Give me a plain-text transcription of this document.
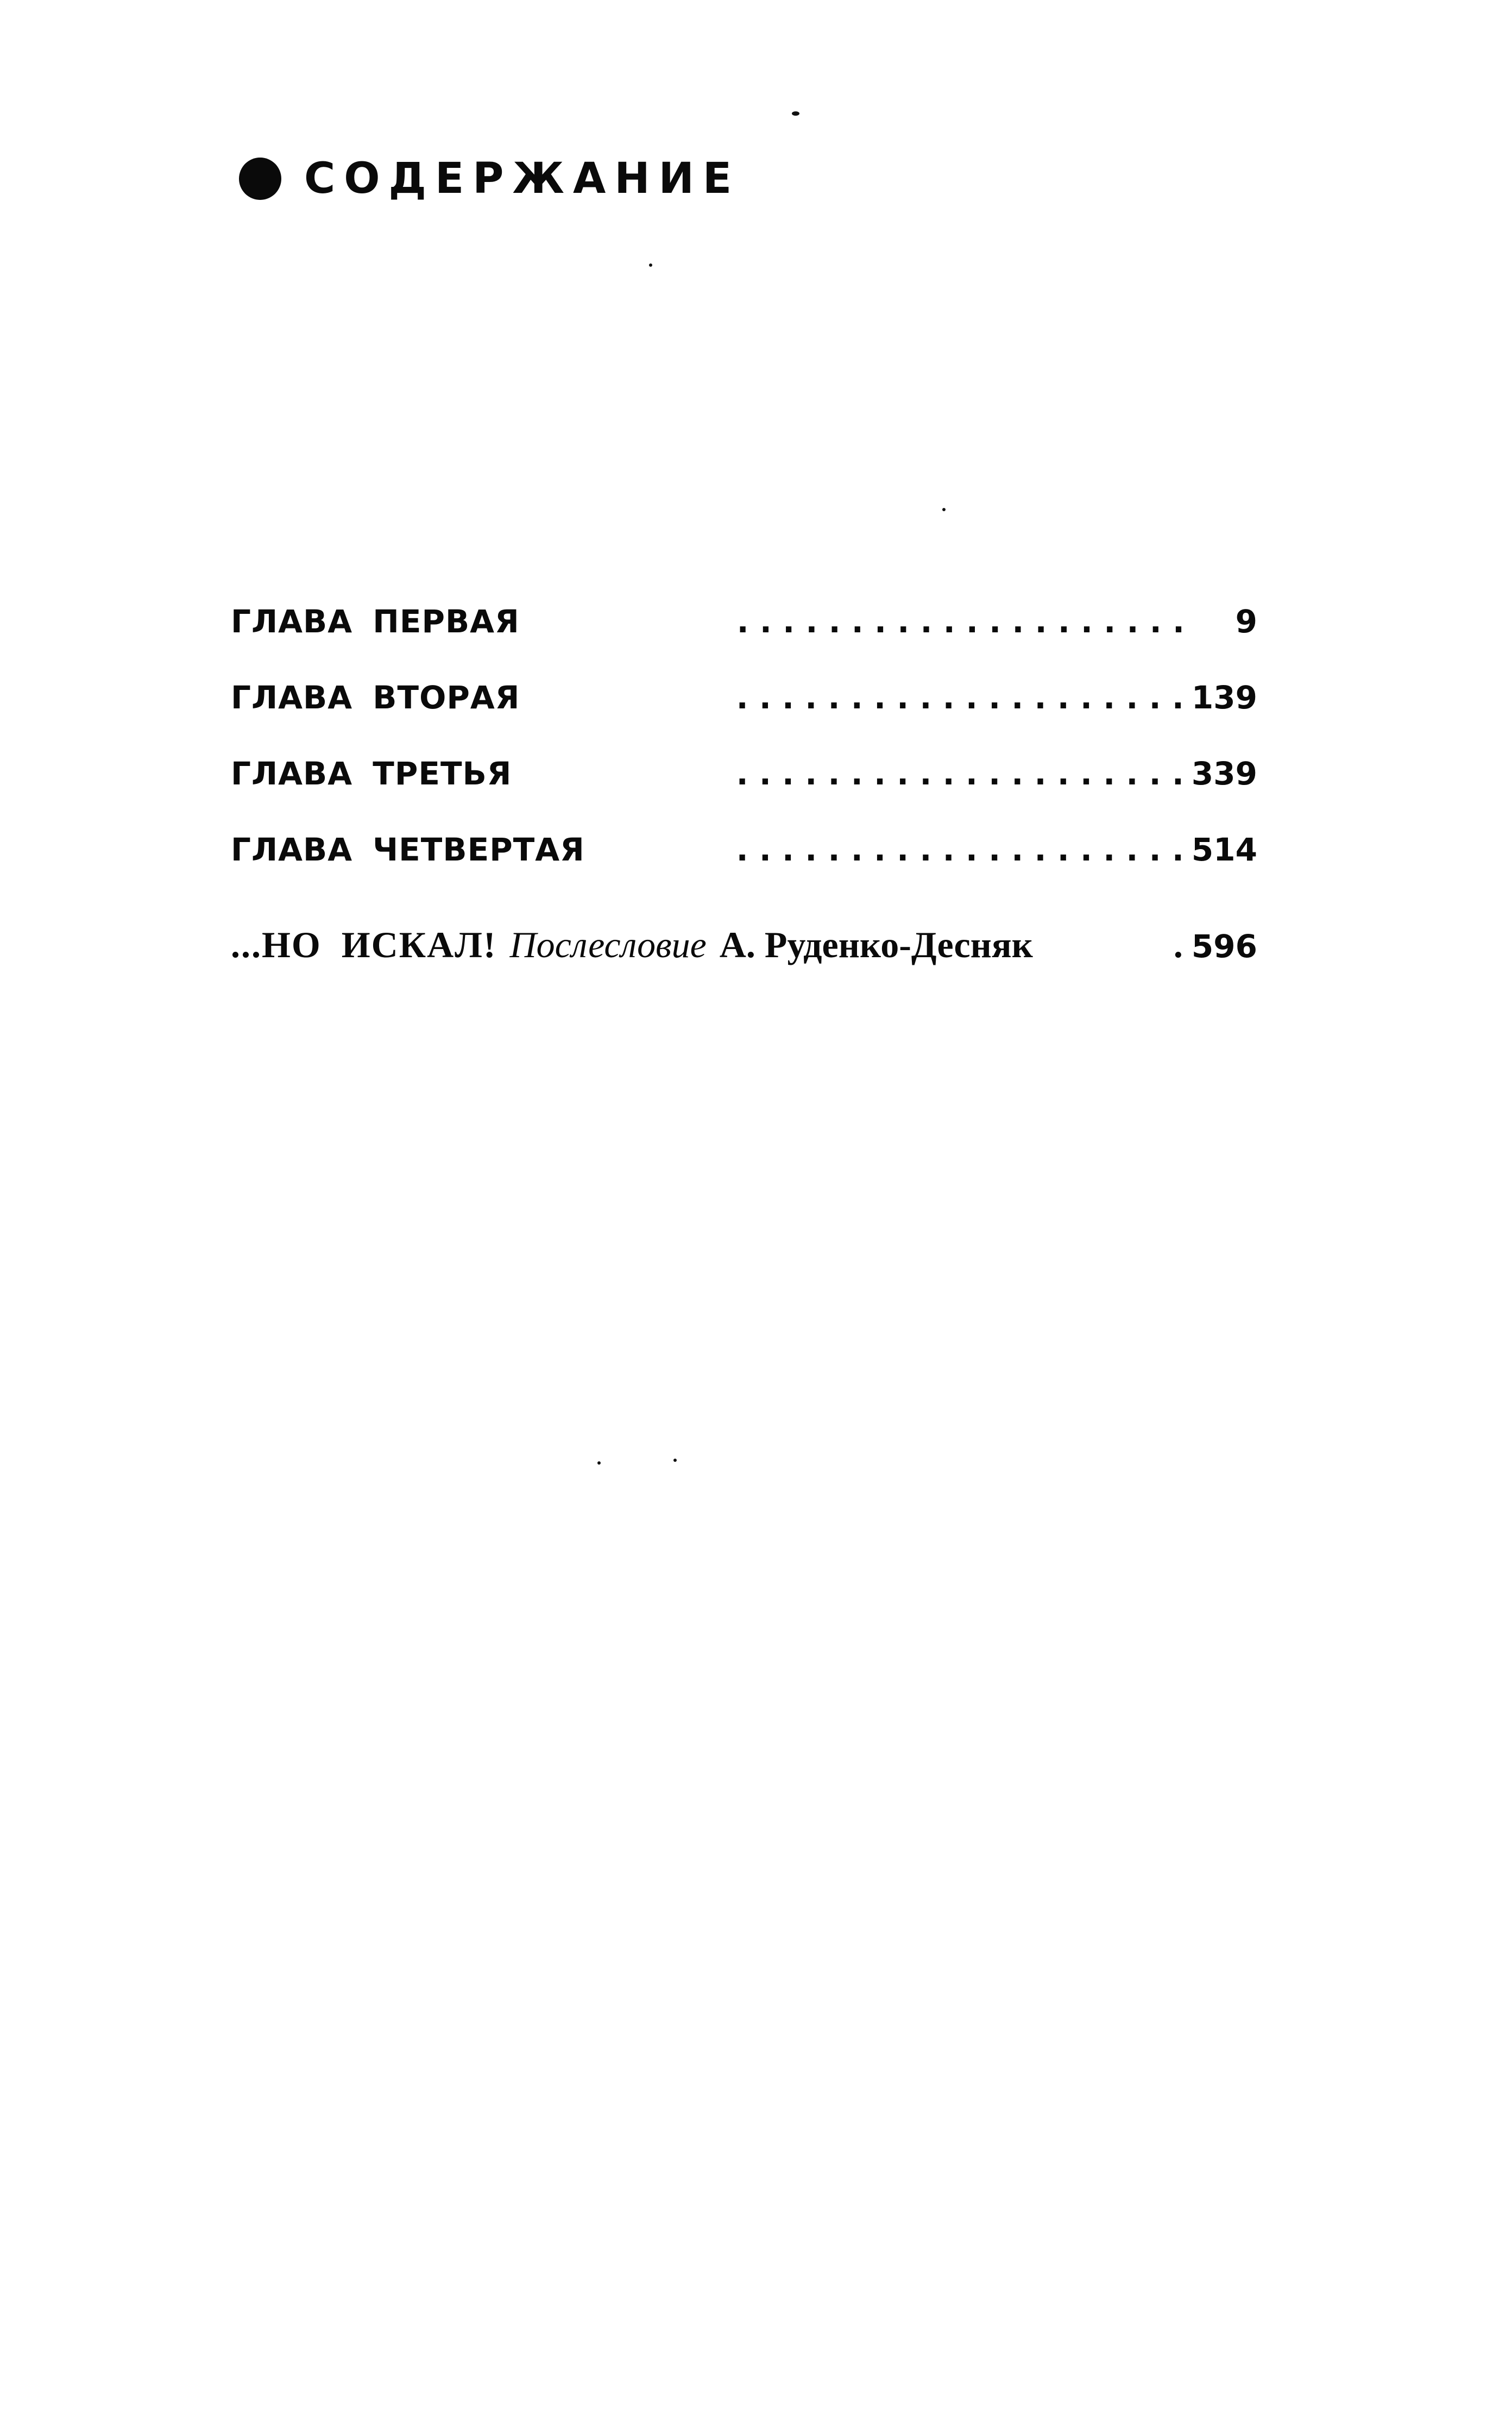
СОДЕРЖАНИЕ
ГЛАВА ПЕРВАЯ	. . . . . . . . . . . . . . . . . . . .	9
ГЛАВА ВТОРАЯ	. . . . . . . . . . . . . . . . . . . . 139
ГЛАВА ТРЕТЬЯ	. . . . . . . . . . . . . . . . . . . . 339
ГЛАВА ЧЕТВЕРТАЯ	. . . . . . . . . . . . . . . . . . . . 514
...НО ИСКАЛ! Послесловие А. Руденко-Десняк	. 596
